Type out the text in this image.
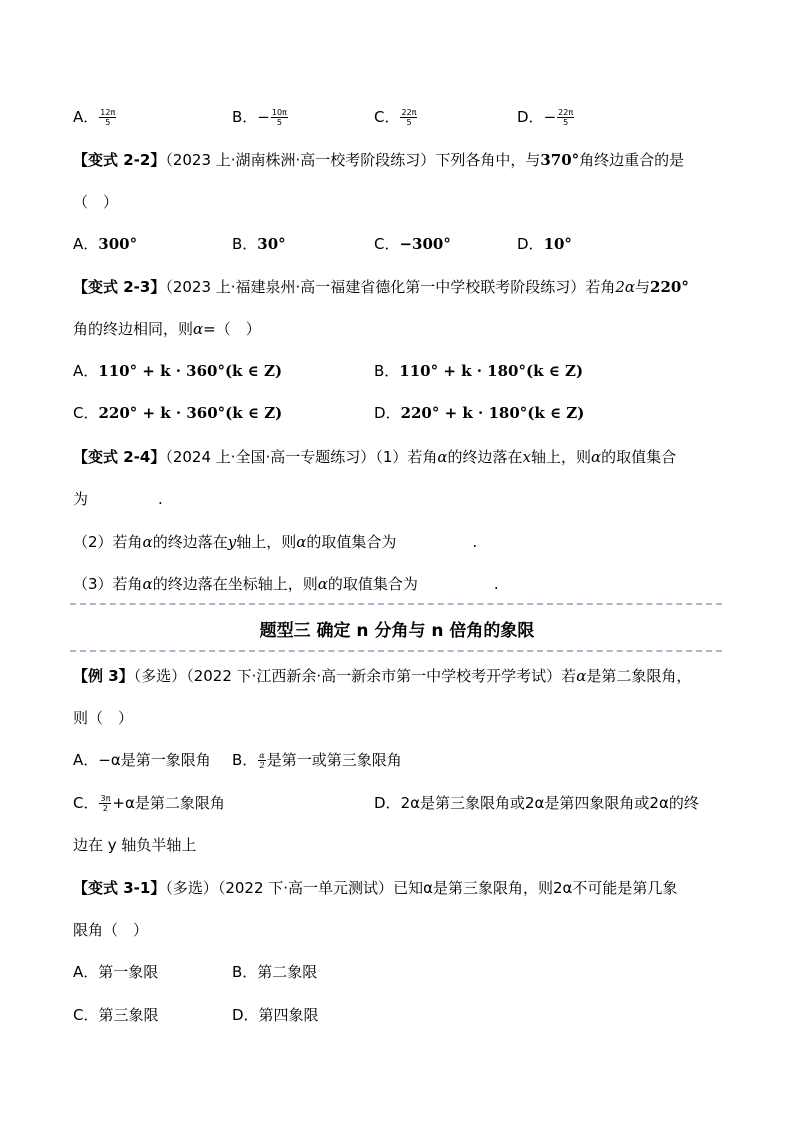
A． $\frac{12\pi}{5}$	B．− $\frac{10\pi}{5}$	C． $\frac{22\pi}{5}$	D．− $\frac{22\pi}{5}$
【变式 2-2】（2023 上·湖南株洲·高一校考阶段练习）下列各角中，与370°角终边重合的是
（　）
A．300°	B．30°	C．−300°	D．10°
【变式 2-3】（2023 上·福建泉州·高一福建省德化第一中学校联考阶段练习）若角2α与220°
角的终边相同，则α=（　）
A．110° + k · 360°(k ∈ Z)	B．110° + k · 180°(k ∈ Z)
C．220° + k · 360°(k ∈ Z)	D．220° + k · 180°(k ∈ Z)
【变式 2-4】（2024 上·全国·高一专题练习）（1）若角α的终边落在x轴上，则α的取值集合
为	.
（2）若角α的终边落在y轴上，则α的取值集合为	.
（3）若角α的终边落在坐标轴上，则α的取值集合为	.
题型三 确定 n 分角与 n 倍角的象限
【例 3】（多选）（2022 下·江西新余·高一新余市第一中学校考开学考试）若α是第二象限角，
则（　）
A．−α是第一象限角 B． $\frac{\alpha}{2}$ 是第一或第三象限角
C． $\frac{3\pi}{2} +\alpha$是第二象限角	D．2α是第三象限角或2α是第四象限角或2α的终
边在 y 轴负半轴上
【变式 3-1】（多选）（2022 下·高一单元测试）已知α是第三象限角，则2α不可能是第几象
限角（　）
A．第一象限	B．第二象限
C．第三象限	D．第四象限
